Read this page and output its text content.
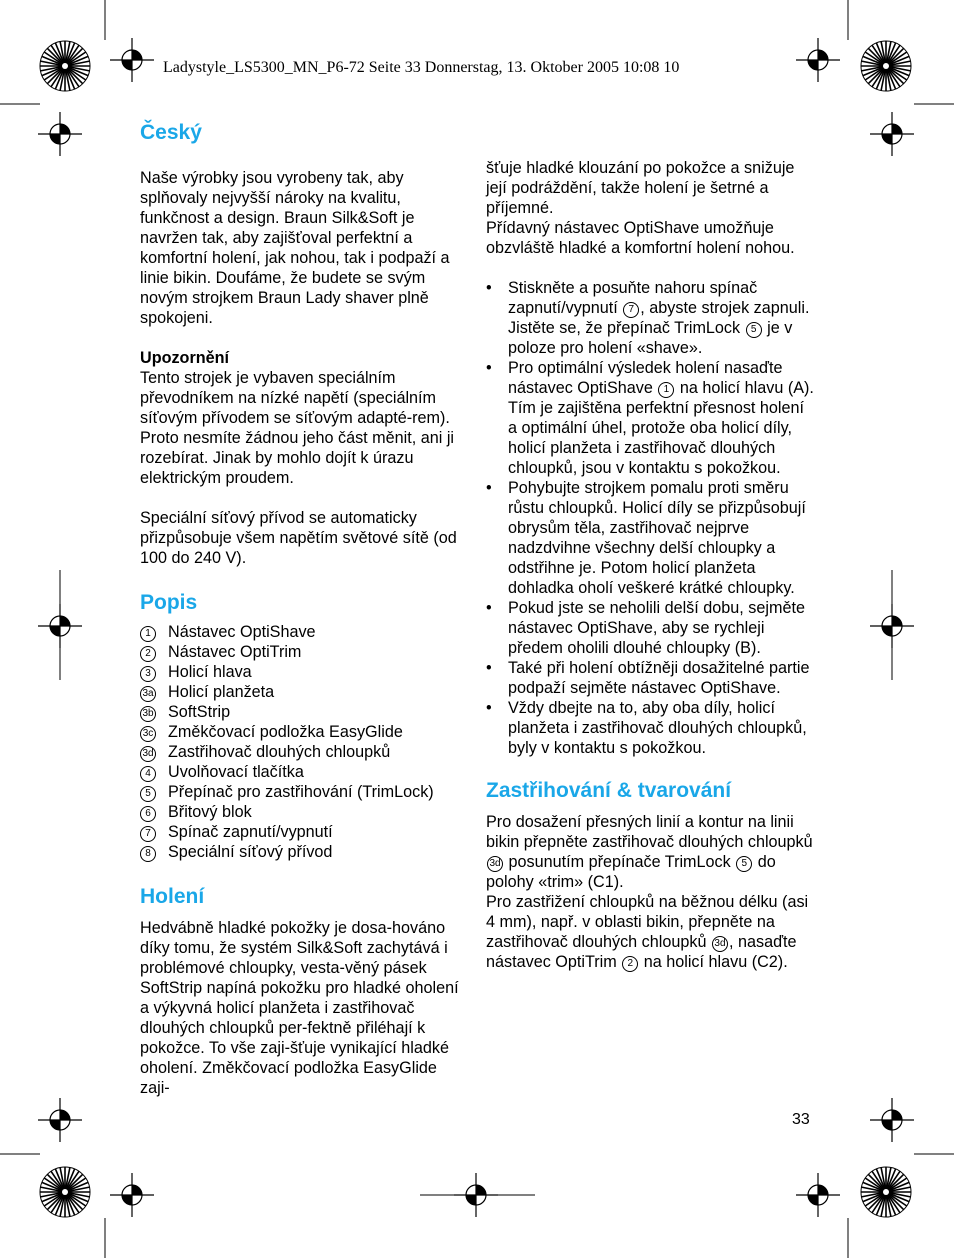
Ladystyle_LS5300_MN_P6-72 Seite 33 Donnerstag, 13. Oktober 2005 10:08 10
Český

Naše výrobky jsou vyrobeny tak, aby splňovaly nejvyšší nároky na kvalitu, funkčnost a design. Braun Silk&Soft je navržen tak, aby zajišťoval perfektní a komfortní holení, jak nohou, tak i podpaží a linie bikin. Doufáme, že budete se svým novým strojkem Braun Lady shaver plně spokojeni.

Upozornění

Tento strojek je vybaven speciálním převodníkem na nízké napětí (speciálním síťovým přívodem se síťovým adapté-rem). Proto nesmíte žádnou jeho část měnit, ani ji rozebírat. Jinak by mohlo dojít k úrazu elektrickým proudem.

Speciální síťový přívod se automaticky přizpůsobuje všem napětím světové sítě (od 100 do 240 V).

Popis
1 Nástavec OptiShave
2 Nástavec OptiTrim
3 Holicí hlava
3a Holicí planžeta
3b SoftStrip
3c Změkčovací podložka EasyGlide
3d Zastřihovač dlouhých chloupků
4 Uvolňovací tlačítka
5 Přepínač pro zastřihování (TrimLock)
6 Břitový blok
7 Spínač zapnutí/vypnutí
8 Speciální síťový přívod
Holení

Hedvábně hladké pokožky je dosa-hováno díky tomu, že systém Silk&Soft zachytává i problémové chloupky, vesta-věný pásek SoftStrip napíná pokožku pro hladké oholení a výkyvná holicí planžeta i zastřihovač dlouhých chloupků per-fektně přiléhají k pokožce. To vše zaji-šťuje vynikající hladké oholení. Změkčovací podložka EasyGlide zaji-

šťuje hladké klouzání po pokožce a snižuje její podráždění, takže holení je šetrné a příjemné.

Přídavný nástavec OptiShave umožňuje obzvláště hladké a komfortní holení nohou.

• Stiskněte a posuňte nahoru spínač zapnutí/vypnutí 7 , abyste strojek zapnuli. Jistěte se, že přepínač TrimLock 5 je v poloze pro holení «shave».
• Pro optimální výsledek holení nasaďte nástavec OptiShave 1 na holicí hlavu (A). Tím je zajištěna perfektní přesnost holení a optimální úhel, protože oba holicí díly, holicí planžeta i zastřihovač dlouhých chloupků, jsou v kontaktu s pokožkou.
• Pohybujte strojkem pomalu proti směru růstu chloupků. Holicí díly se přizpůsobují obrysům těla, zastřihovač nejprve nadzdvihne všechny delší chloupky a odstřihne je. Potom holicí planžeta dohladka oholí veškeré krátké chloupky.
• Pokud jste se neholili delší dobu, sejměte nástavec OptiShave, aby se rychleji předem oholili dlouhé chloupky (B).
• Také při holení obtížněji dosažitelné partie podpaží sejměte nástavec OptiShave.
• Vždy dbejte na to, aby oba díly, holicí planžeta i zastřihovač dlouhých chloupků, byly v kontaktu s pokožkou.
Zastřihování & tvarování

Pro dosažení přesných linií a kontur na linii bikin přepněte zastřihovač dlouhých chloupků 3d posunutím přepínače TrimLock 5 do polohy «trim» (C1).

Pro zastřižení chloupků na běžnou délku (asi 4 mm), např. v oblasti bikin, přepněte na zastřihovač dlouhých chloupků 3d , nasaďte nástavec OptiTrim 2 na holicí hlavu (C2).

33
